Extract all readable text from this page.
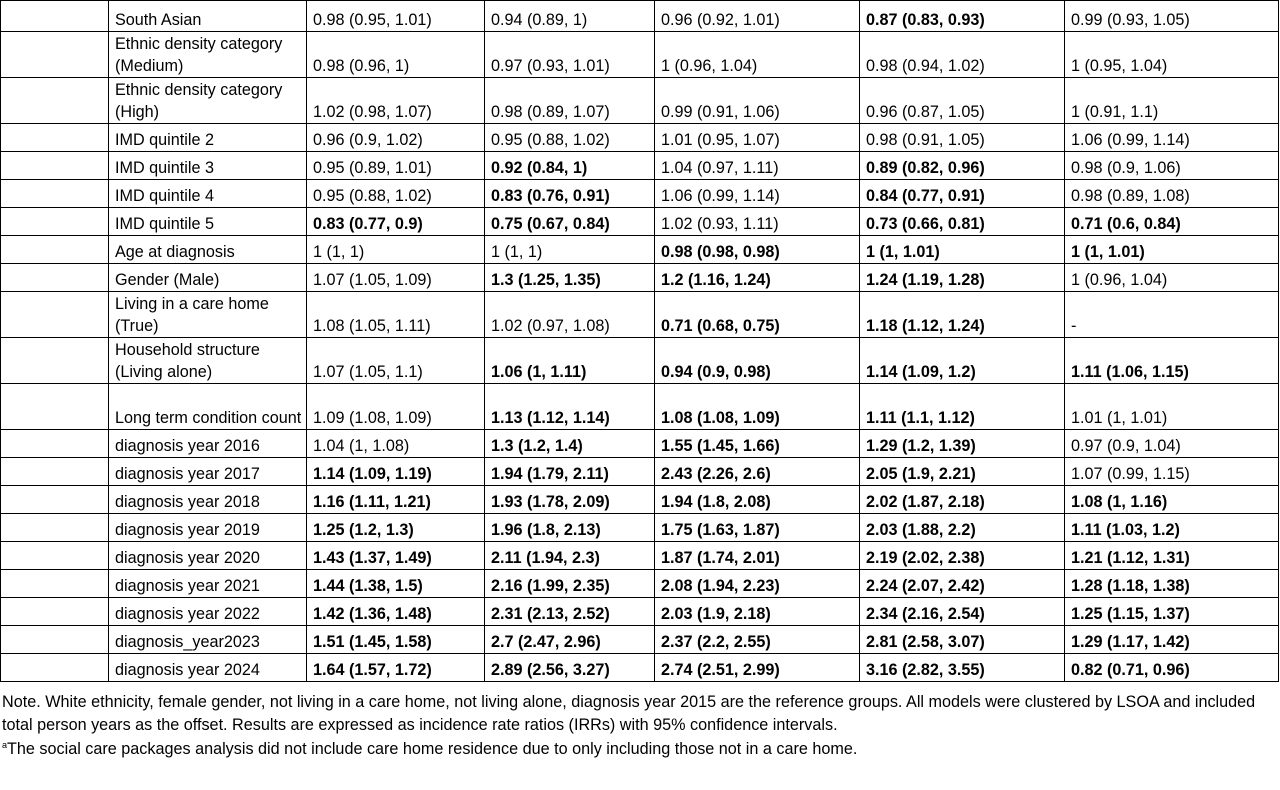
	South Asian	0.98 (0.95, 1.01)	0.94 (0.89, 1)	0.96 (0.92, 1.01)	0.87 (0.83, 0.93)	0.99 (0.93, 1.05)
	Ethnic density category (Medium)	0.98 (0.96, 1)	0.97 (0.93, 1.01)	1 (0.96, 1.04)	0.98 (0.94, 1.02)	1 (0.95, 1.04)
	Ethnic density category (High)	1.02 (0.98, 1.07)	0.98 (0.89, 1.07)	0.99 (0.91, 1.06)	0.96 (0.87, 1.05)	1 (0.91, 1.1)
	IMD quintile 2	0.96 (0.9, 1.02)	0.95 (0.88, 1.02)	1.01 (0.95, 1.07)	0.98 (0.91, 1.05)	1.06 (0.99, 1.14)
	IMD quintile 3	0.95 (0.89, 1.01)	0.92 (0.84, 1)	1.04 (0.97, 1.11)	0.89 (0.82, 0.96)	0.98 (0.9, 1.06)
	IMD quintile 4	0.95 (0.88, 1.02)	0.83 (0.76, 0.91)	1.06 (0.99, 1.14)	0.84 (0.77, 0.91)	0.98 (0.89, 1.08)
	IMD quintile 5	0.83 (0.77, 0.9)	0.75 (0.67, 0.84)	1.02 (0.93, 1.11)	0.73 (0.66, 0.81)	0.71 (0.6, 0.84)
	Age at diagnosis	1 (1, 1)	1 (1, 1)	0.98 (0.98, 0.98)	1 (1, 1.01)	1 (1, 1.01)
	Gender (Male)	1.07 (1.05, 1.09)	1.3 (1.25, 1.35)	1.2 (1.16, 1.24)	1.24 (1.19, 1.28)	1 (0.96, 1.04)
	Living in a care home (True)	1.08 (1.05, 1.11)	1.02 (0.97, 1.08)	0.71 (0.68, 0.75)	1.18 (1.12, 1.24)	-
	Household structure (Living alone)	1.07 (1.05, 1.1)	1.06 (1, 1.11)	0.94 (0.9, 0.98)	1.14 (1.09, 1.2)	1.11 (1.06, 1.15)
	Long term condition count	1.09 (1.08, 1.09)	1.13 (1.12, 1.14)	1.08 (1.08, 1.09)	1.11 (1.1, 1.12)	1.01 (1, 1.01)
	diagnosis year 2016	1.04 (1, 1.08)	1.3 (1.2, 1.4)	1.55 (1.45, 1.66)	1.29 (1.2, 1.39)	0.97 (0.9, 1.04)
	diagnosis year 2017	1.14 (1.09, 1.19)	1.94 (1.79, 2.11)	2.43 (2.26, 2.6)	2.05 (1.9, 2.21)	1.07 (0.99, 1.15)
	diagnosis year 2018	1.16 (1.11, 1.21)	1.93 (1.78, 2.09)	1.94 (1.8, 2.08)	2.02 (1.87, 2.18)	1.08 (1, 1.16)
	diagnosis year 2019	1.25 (1.2, 1.3)	1.96 (1.8, 2.13)	1.75 (1.63, 1.87)	2.03 (1.88, 2.2)	1.11 (1.03, 1.2)
	diagnosis year 2020	1.43 (1.37, 1.49)	2.11 (1.94, 2.3)	1.87 (1.74, 2.01)	2.19 (2.02, 2.38)	1.21 (1.12, 1.31)
	diagnosis year 2021	1.44 (1.38, 1.5)	2.16 (1.99, 2.35)	2.08 (1.94, 2.23)	2.24 (2.07, 2.42)	1.28 (1.18, 1.38)
	diagnosis year 2022	1.42 (1.36, 1.48)	2.31 (2.13, 2.52)	2.03 (1.9, 2.18)	2.34 (2.16, 2.54)	1.25 (1.15, 1.37)
	diagnosis_year2023	1.51 (1.45, 1.58)	2.7 (2.47, 2.96)	2.37 (2.2, 2.55)	2.81 (2.58, 3.07)	1.29 (1.17, 1.42)
	diagnosis year 2024	1.64 (1.57, 1.72)	2.89 (2.56, 3.27)	2.74 (2.51, 2.99)	3.16 (2.82, 3.55)	0.82 (0.71, 0.96)

Note. White ethnicity, female gender, not living in a care home, not living alone, diagnosis year 2015 are the reference groups. All models were clustered by LSOA and included total person years as the offset. Results are expressed as incidence rate ratios (IRRs) with 95% confidence intervals.

$^a$The social care packages analysis did not include care home residence due to only including those not in a care home.
